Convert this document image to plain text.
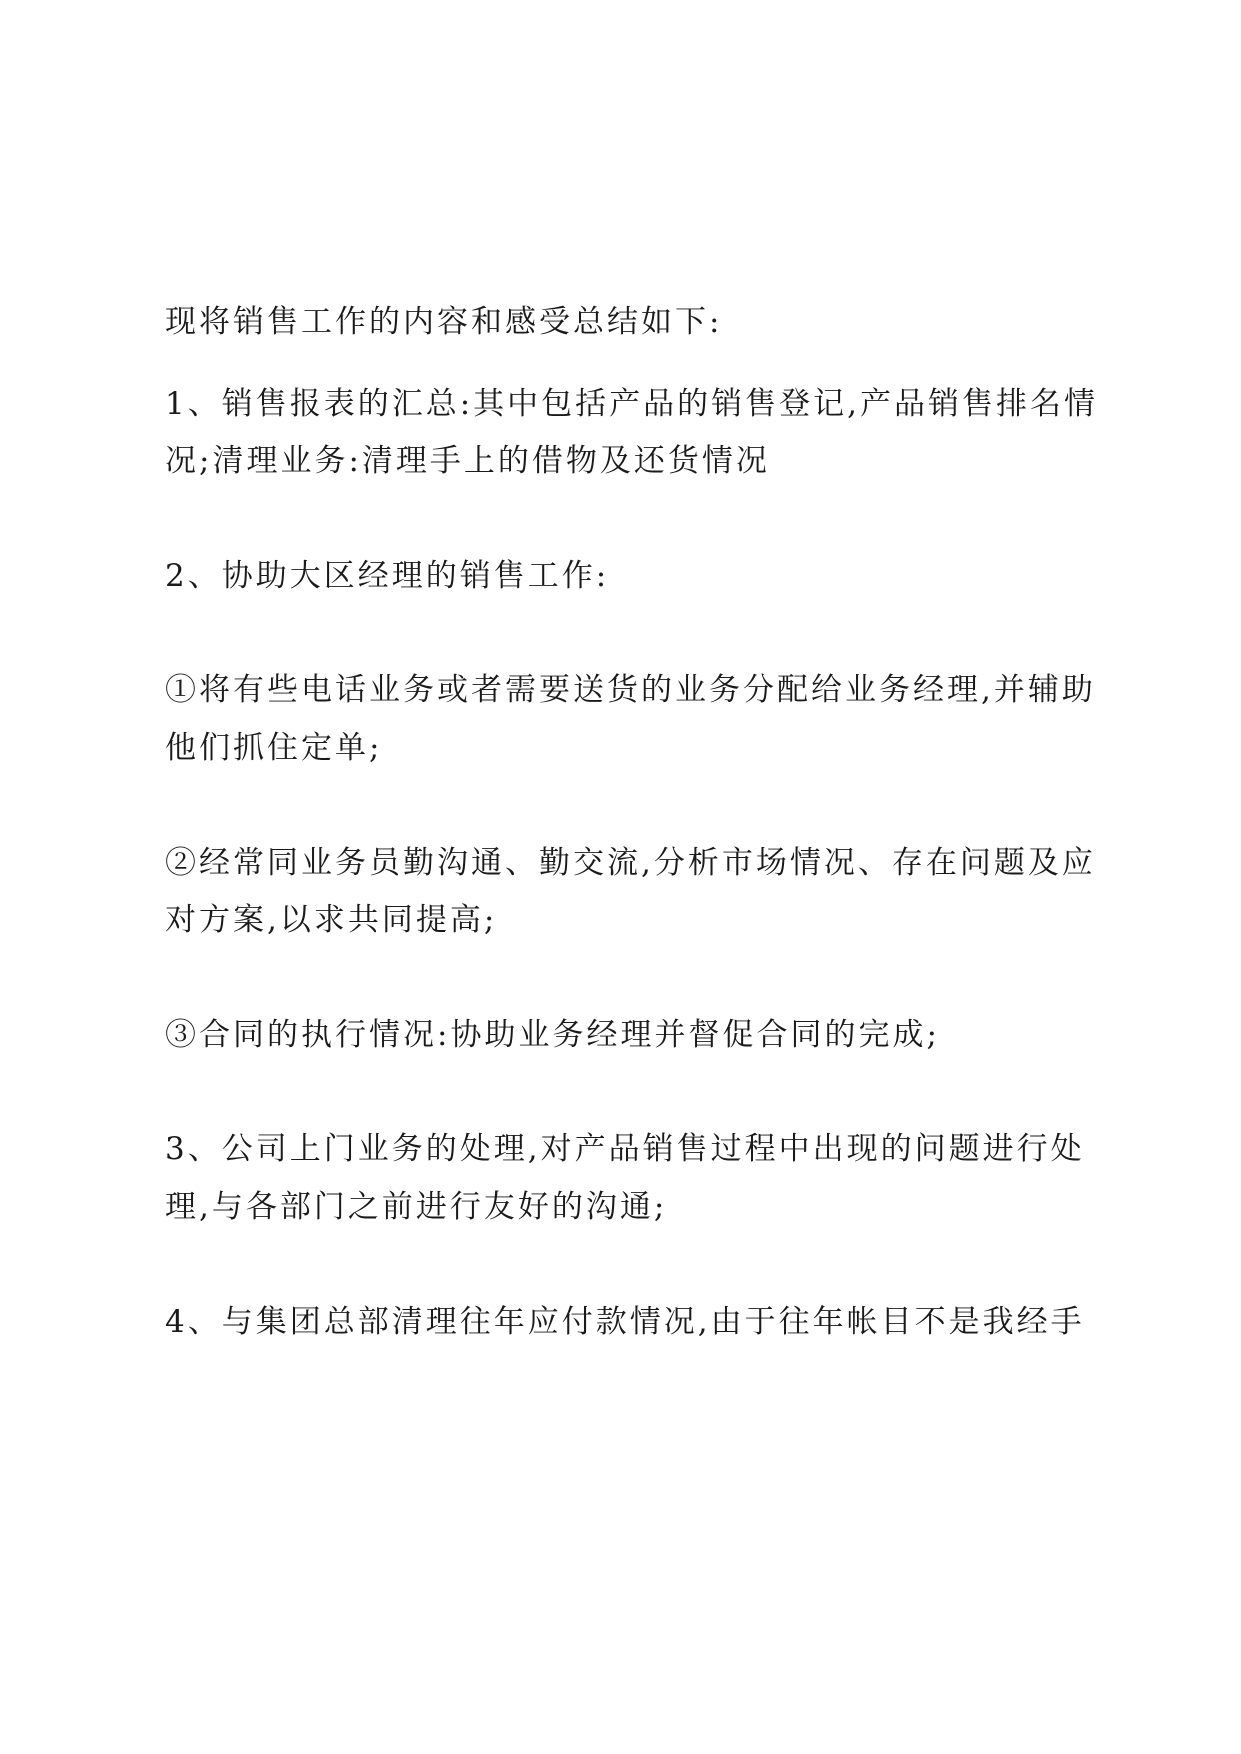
现将销售工作的内容和感受总结如下:
1、销售报表的汇总:其中包括产品的销售登记,产品销售排名情
况;清理业务:清理手上的借物及还货情况
2、协助大区经理的销售工作:
①将有些电话业务或者需要送货的业务分配给业务经理,并辅助
他们抓住定单;
②经常同业务员勤沟通、勤交流,分析市场情况、存在问题及应
对方案,以求共同提高;
③合同的执行情况:协助业务经理并督促合同的完成;
3、公司上门业务的处理,对产品销售过程中出现的问题进行处
理,与各部门之前进行友好的沟通;
4、与集团总部清理往年应付款情况,由于往年帐目不是我经手
